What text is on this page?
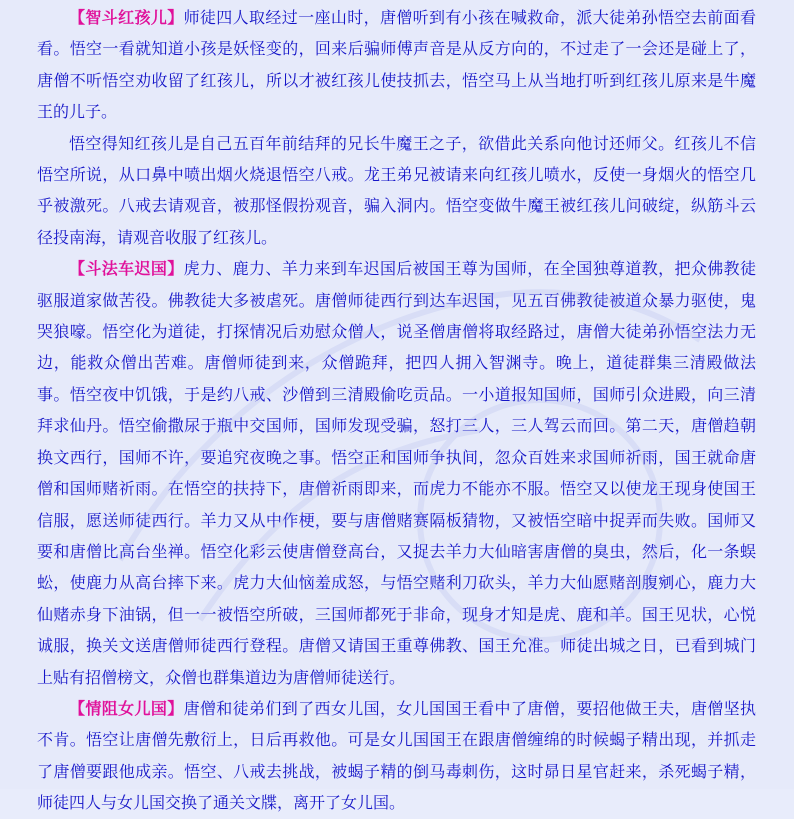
【智斗红孩儿】师徒四人取经过一座山时，唐僧听到有小孩在喊救命，派大徒弟孙悟空去前面看看。悟空一看就知道小孩是妖怪变的，回来后骗师傅声音是从反方向的，不过走了一会还是碰上了，唐僧不听悟空劝收留了红孩儿，所以才被红孩儿使技抓去，悟空马上从当地打听到红孩儿原来是牛魔王的儿子。

悟空得知红孩儿是自己五百年前结拜的兄长牛魔王之子，欲借此关系向他讨还师父。红孩儿不信悟空所说，从口鼻中喷出烟火烧退悟空八戒。龙王弟兄被请来向红孩儿喷水，反使一身烟火的悟空几乎被激死。八戒去请观音，被那怪假扮观音，骗入洞内。悟空变做牛魔王被红孩儿问破绽，纵筋斗云径投南海，请观音收服了红孩儿。

【斗法车迟国】虎力、鹿力、羊力来到车迟国后被国王尊为国师，在全国独尊道教，把众佛教徒驱服道家做苦役。佛教徒大多被虐死。唐僧师徒西行到达车迟国，见五百佛教徒被道众暴力驱使，鬼哭狼嚎。悟空化为道徒，打探情况后劝慰众僧人，说圣僧唐僧将取经路过，唐僧大徒弟孙悟空法力无边，能救众僧出苦难。唐僧师徒到来，众僧跪拜，把四人拥入智渊寺。晚上，道徒群集三清殿做法事。悟空夜中饥饿，于是约八戒、沙僧到三清殿偷吃贡品。一小道报知国师，国师引众进殿，向三清拜求仙丹。悟空偷撒尿于瓶中交国师，国师发现受骗，怒打三人，三人驾云而回。第二天，唐僧趋朝换文西行，国师不许，要追究夜晚之事。悟空正和国师争执间，忽众百姓来求国师祈雨，国王就命唐僧和国师赌祈雨。在悟空的扶持下，唐僧祈雨即来，而虎力不能亦不服。悟空又以使龙王现身使国王信服，愿送师徒西行。羊力又从中作梗，要与唐僧赌赛隔板猜物，又被悟空暗中捉弄而失败。国师又要和唐僧比高台坐禅。悟空化彩云使唐僧登高台，又捉去羊力大仙暗害唐僧的臭虫，然后，化一条蜈蚣，使鹿力从高台摔下来。虎力大仙恼羞成怒，与悟空赌利刀砍头，羊力大仙愿赌剖腹剜心，鹿力大仙赌赤身下油锅，但一一被悟空所破，三国师都死于非命，现身才知是虎、鹿和羊。国王见状，心悦诚服，换关文送唐僧师徒西行登程。唐僧又请国王重尊佛教、国王允准。师徒出城之日，已看到城门上贴有招僧榜文，众僧也群集道边为唐僧师徒送行。

【情阻女儿国】唐僧和徒弟们到了西女儿国，女儿国国王看中了唐僧，要招他做王夫，唐僧坚执不肯。悟空让唐僧先敷衍上，日后再救他。可是女儿国国王在跟唐僧缠绵的时候蝎子精出现，并抓走了唐僧要跟他成亲。悟空、八戒去挑战，被蝎子精的倒马毒刺伤，这时昴日星官赶来，杀死蝎子精，师徒四人与女儿国交换了通关文牒，离开了女儿国。
